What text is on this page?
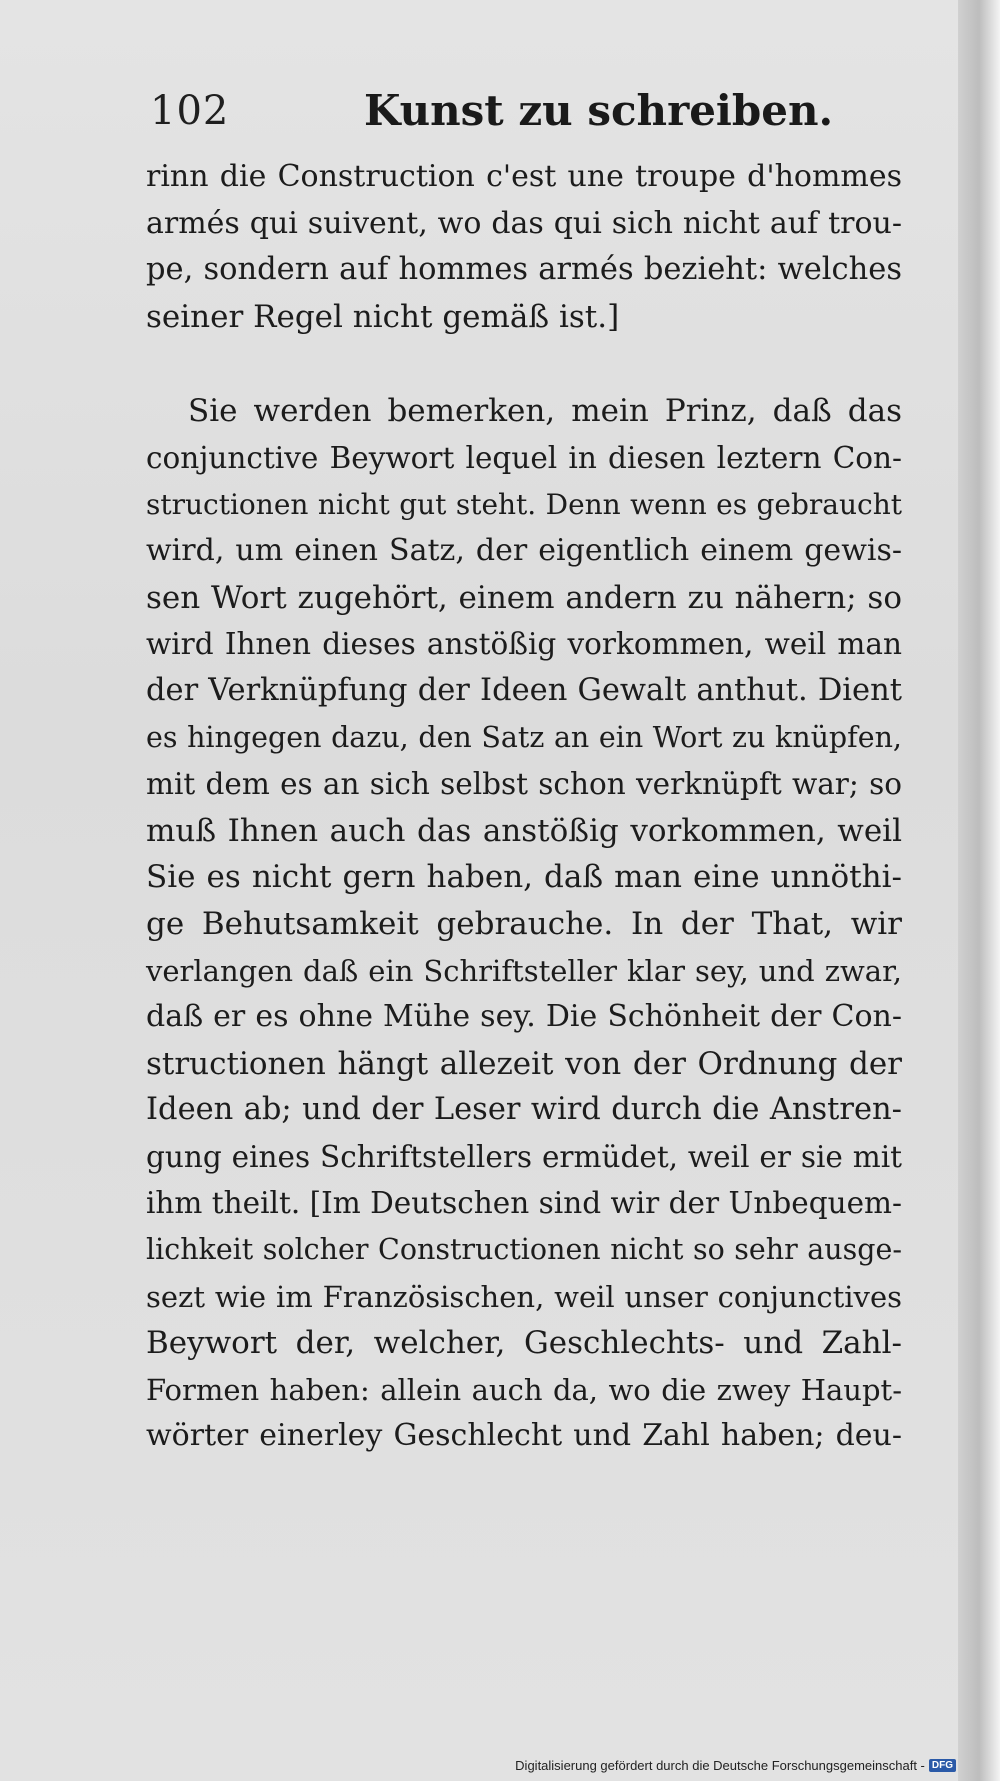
102	Kunst zu schreiben.
rinn die Construction c'est une troupe d'hommes
armés qui suivent, wo das qui sich nicht auf trou-
pe, sondern auf hommes armés bezieht: welches
seiner Regel nicht gemäß ist.]
Sie werden bemerken, mein Prinz, daß das
conjunctive Beywort lequel in diesen leztern Con-
structionen nicht gut steht. Denn wenn es gebraucht
wird, um einen Satz, der eigentlich einem gewis-
sen Wort zugehört, einem andern zu nähern; so
wird Ihnen dieses anstößig vorkommen, weil man
der Verknüpfung der Ideen Gewalt anthut. Dient
es hingegen dazu, den Satz an ein Wort zu knüpfen,
mit dem es an sich selbst schon verknüpft war; so
muß Ihnen auch das anstößig vorkommen, weil
Sie es nicht gern haben, daß man eine unnöthi-
ge Behutsamkeit gebrauche. In der That, wir
verlangen daß ein Schriftsteller klar sey, und zwar,
daß er es ohne Mühe sey. Die Schönheit der Con-
structionen hängt allezeit von der Ordnung der
Ideen ab; und der Leser wird durch die Anstren-
gung eines Schriftstellers ermüdet, weil er sie mit
ihm theilt. [Im Deutschen sind wir der Unbequem-
lichkeit solcher Constructionen nicht so sehr ausge-
sezt wie im Französischen, weil unser conjunctives
Beywort der, welcher, Geschlechts- und Zahl-
Formen haben: allein auch da, wo die zwey Haupt-
wörter einerley Geschlecht und Zahl haben; deu-
Digitalisierung gefördert durch die Deutsche Forschungsgemeinschaft - DFG
